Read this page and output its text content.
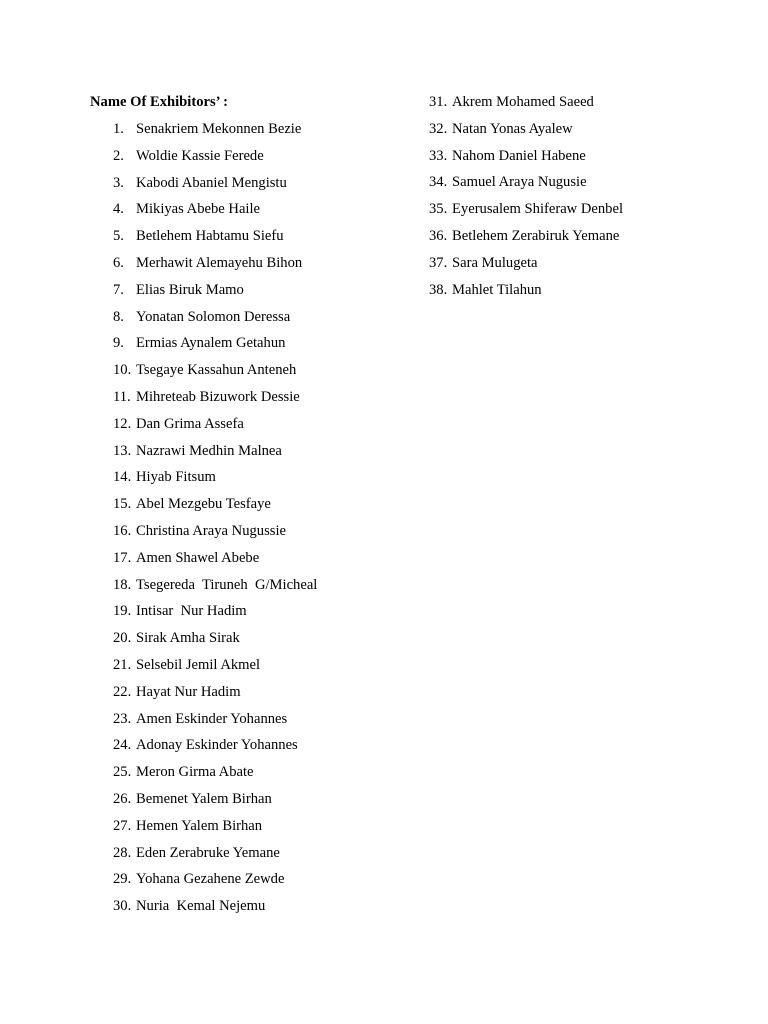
Name Of Exhibitors’ :
1. Senakriem Mekonnen Bezie
2. Woldie Kassie Ferede
3. Kabodi Abaniel Mengistu
4. Mikiyas Abebe Haile
5. Betlehem Habtamu Siefu
6. Merhawit Alemayehu Bihon
7. Elias Biruk Mamo
8. Yonatan Solomon Deressa
9. Ermias Aynalem Getahun
10. Tsegaye Kassahun Anteneh
11. Mihreteab Bizuwork Dessie
12. Dan Grima Assefa
13. Nazrawi Medhin Malnea
14. Hiyab Fitsum
15. Abel Mezgebu Tesfaye
16. Christina Araya Nugussie
17. Amen Shawel Abebe
18. Tsegereda  Tiruneh  G/Micheal
19. Intisar  Nur Hadim
20. Sirak Amha Sirak
21. Selsebil Jemil Akmel
22. Hayat Nur Hadim
23. Amen Eskinder Yohannes
24. Adonay Eskinder Yohannes
25. Meron Girma Abate
26. Bemenet Yalem Birhan
27. Hemen Yalem Birhan
28. Eden Zerabruke Yemane
29. Yohana Gezahene Zewde
30. Nuria  Kemal Nejemu
31. Akrem Mohamed Saeed
32. Natan Yonas Ayalew
33. Nahom Daniel Habene
34. Samuel Araya Nugusie
35. Eyerusalem Shiferaw Denbel
36. Betlehem Zerabiruk Yemane
37. Sara Mulugeta
38. Mahlet Tilahun
